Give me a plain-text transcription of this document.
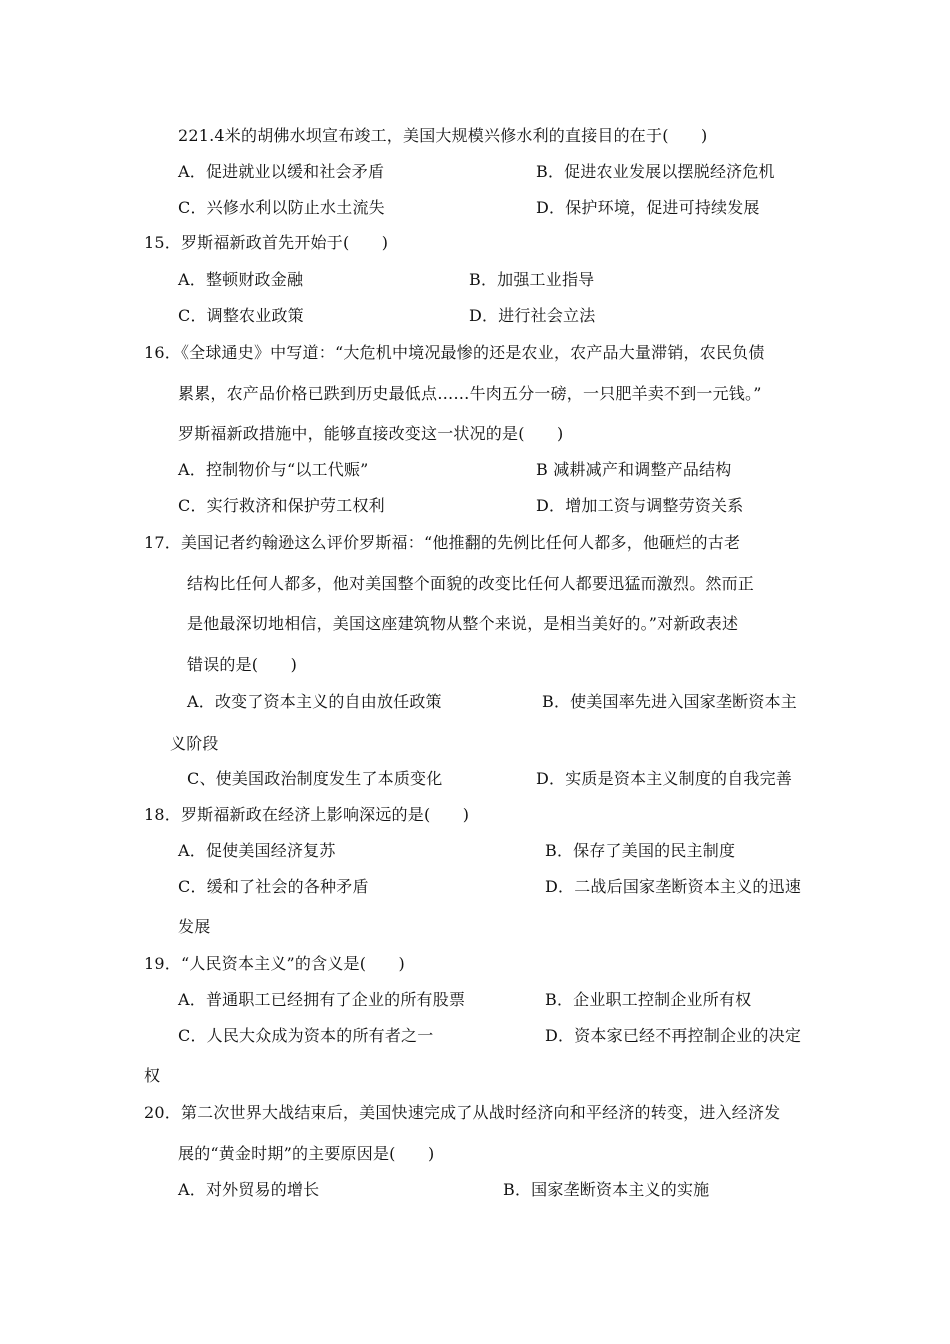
221.4米的胡佛水坝宣布竣工，美国大规模兴修水利的直接目的在于(　　)
A．促进就业以缓和社会矛盾	B．促进农业发展以摆脱经济危机
C．兴修水利以防止水土流失	D．保护环境，促进可持续发展
15．罗斯福新政首先开始于(　　)
A．整顿财政金融	B．加强工业指导
C．调整农业政策	D．进行社会立法
16．《全球通史》中写道：“大危机中境况最惨的还是农业，农产品大量滞销，农民负债
累累，农产品价格已跌到历史最低点……牛肉五分一磅，一只肥羊卖不到一元钱。”
罗斯福新政措施中，能够直接改变这一状况的是(　　)
A．控制物价与“以工代赈”	B 减耕减产和调整产品结构
C．实行救济和保护劳工权利	D．增加工资与调整劳资关系
17．美国记者约翰逊这么评价罗斯福：“他推翻的先例比任何人都多，他砸烂的古老
结构比任何人都多，他对美国整个面貌的改变比任何人都要迅猛而激烈。然而正
是他最深切地相信，美国这座建筑物从整个来说，是相当美好的。”对新政表述
错误的是(　　)
A．改变了资本主义的自由放任政策	B．使美国率先进入国家垄断资本主
义阶段
C、使美国政治制度发生了本质变化	D．实质是资本主义制度的自我完善
18．罗斯福新政在经济上影响深远的是(　　)
A．促使美国经济复苏	B．保存了美国的民主制度
C．缓和了社会的各种矛盾	D．二战后国家垄断资本主义的迅速
发展
19．“人民资本主义”的含义是(　　)
A．普通职工已经拥有了企业的所有股票	B．企业职工控制企业所有权
C．人民大众成为资本的所有者之一	D．资本家已经不再控制企业的决定
权
20．第二次世界大战结束后，美国快速完成了从战时经济向和平经济的转变，进入经济发
展的“黄金时期”的主要原因是(　　)
A．对外贸易的增长	B．国家垄断资本主义的实施
